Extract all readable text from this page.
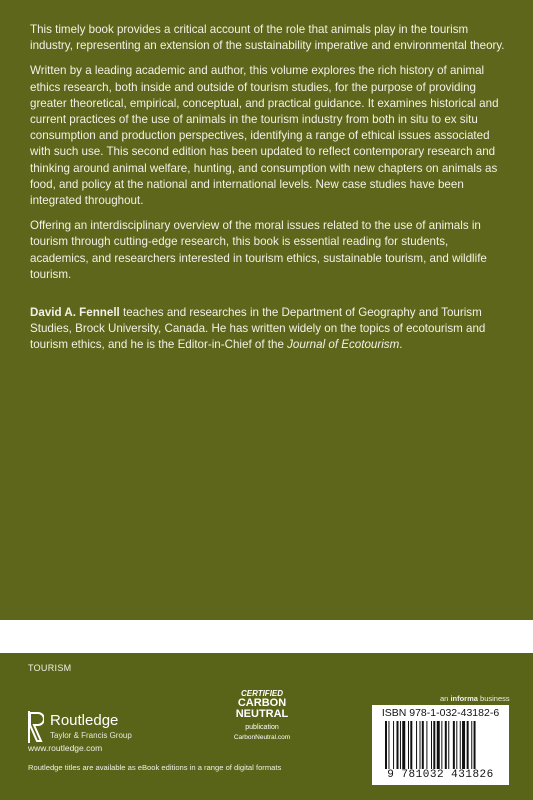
This timely book provides a critical account of the role that animals play in the tourism industry, representing an extension of the sustainability imperative and environmental theory.

Written by a leading academic and author, this volume explores the rich history of animal ethics research, both inside and outside of tourism studies, for the purpose of providing greater theoretical, empirical, conceptual, and practical guidance. It examines historical and current practices of the use of animals in the tourism industry from both in situ to ex situ consumption and production perspectives, identifying a range of ethical issues associated with such use. This second edition has been updated to reflect contemporary research and thinking around animal welfare, hunting, and consumption with new chapters on animals as food, and policy at the national and international levels. New case studies have been integrated throughout.

Offering an interdisciplinary overview of the moral issues related to the use of animals in tourism through cutting-edge research, this book is essential reading for students, academics, and researchers interested in tourism ethics, sustainable tourism, and wildlife tourism.

David A. Fennell teaches and researches in the Department of Geography and Tourism Studies, Brock University, Canada. He has written widely on the topics of ecotourism and tourism ethics, and he is the Editor-in-Chief of the Journal of Ecotourism.

TOURISM
Routledge
Taylor & Francis Group
www.routledge.com
Routledge titles are available as eBook editions in a range of digital formats
CERTIFIED
CARBON
NEUTRAL
publication
CarbonNeutral.com
an informa business
ISBN 978-1-032-43182-6
9 781032 431826
